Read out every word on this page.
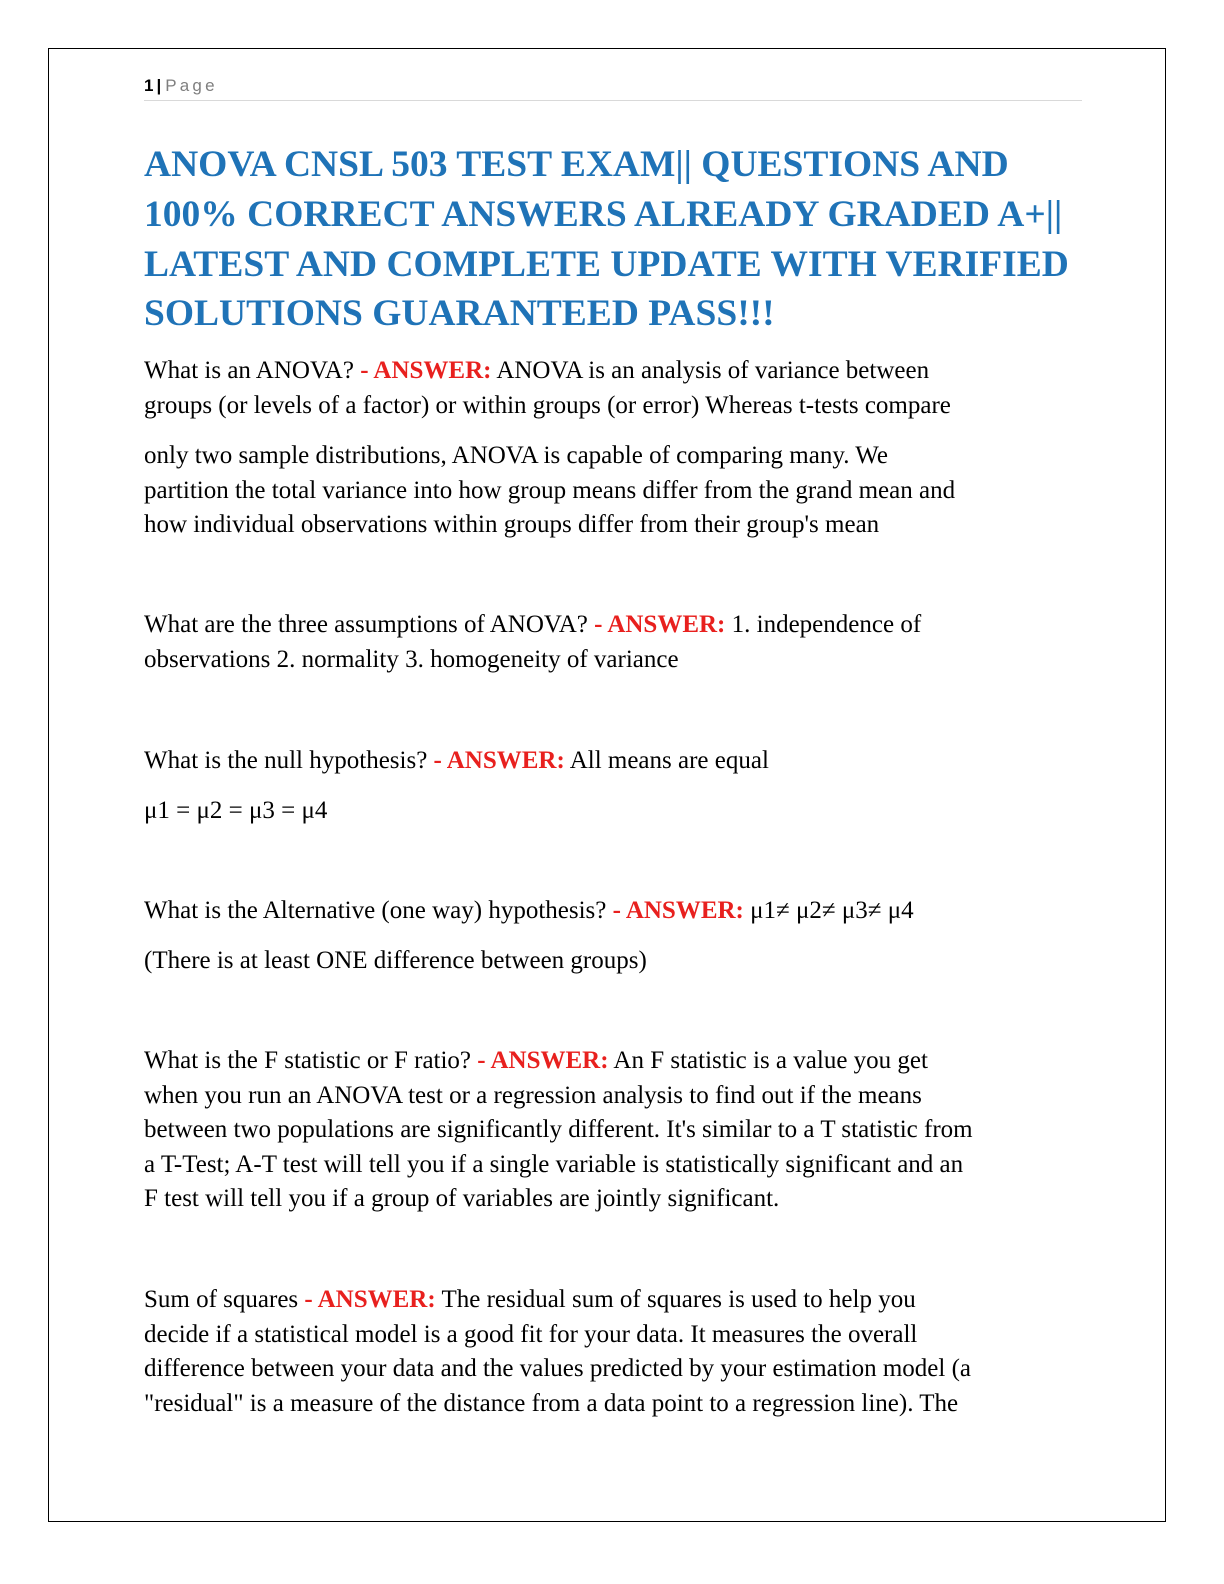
1 | Page
ANOVA CNSL 503 TEST EXAM|| QUESTIONS AND 100% CORRECT ANSWERS ALREADY GRADED A+|| LATEST AND COMPLETE UPDATE WITH VERIFIED SOLUTIONS GUARANTEED PASS!!!

What is an ANOVA? - ANSWER: ANOVA is an analysis of variance between
groups (or levels of a factor) or within groups (or error) Whereas t-tests compare

only two sample distributions, ANOVA is capable of comparing many. We
partition the total variance into how group means differ from the grand mean and
how individual observations within groups differ from their group's mean

What are the three assumptions of ANOVA? - ANSWER: 1. independence of
observations 2. normality 3. homogeneity of variance

What is the null hypothesis? - ANSWER: All means are equal

μ1 = μ2 = μ3 = μ4

What is the Alternative (one way) hypothesis? - ANSWER: μ1≠ μ2≠ μ3≠ μ4

(There is at least ONE difference between groups)

What is the F statistic or F ratio? - ANSWER: An F statistic is a value you get
when you run an ANOVA test or a regression analysis to find out if the means
between two populations are significantly different. It's similar to a T statistic from
a T-Test; A-T test will tell you if a single variable is statistically significant and an
F test will tell you if a group of variables are jointly significant.

Sum of squares - ANSWER: The residual sum of squares is used to help you
decide if a statistical model is a good fit for your data. It measures the overall
difference between your data and the values predicted by your estimation model (a
"residual" is a measure of the distance from a data point to a regression line). The
